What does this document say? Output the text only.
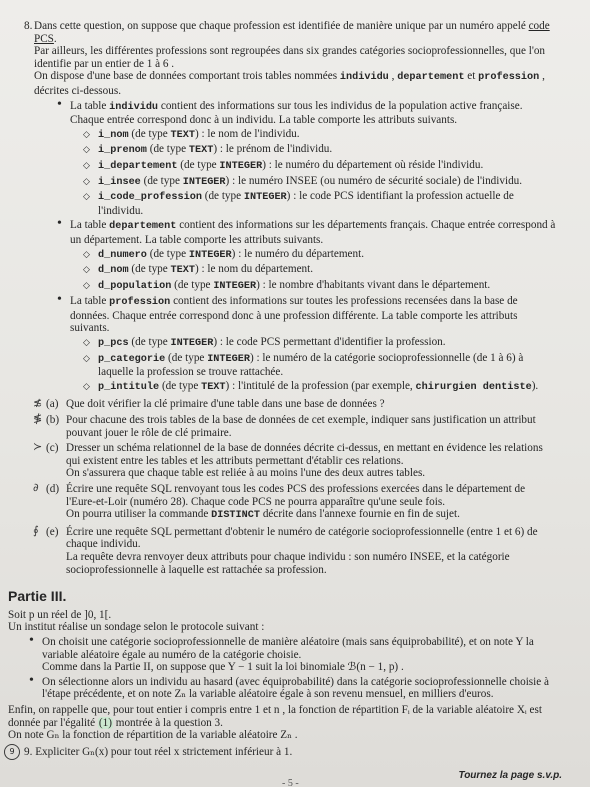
8. Dans cette question, on suppose que chaque profession est identifiée de manière unique par un numéro appelé code PCS.

Par ailleurs, les différentes professions sont regroupées dans six grandes catégories socioprofessionnelles, que l'on identifie par un entier de 1 à 6 .

On dispose d'une base de données comportant trois tables nommées individu , departement et profession , décrites ci-dessous.

• La table individu contient des informations sur tous les individus de la population active française. Chaque entrée correspond donc à un individu. La table comporte les attributs suivants.

◇ i_nom (de type TEXT) : le nom de l'individu.
◇ i_prenom (de type TEXT) : le prénom de l'individu.
◇ i_departement (de type INTEGER) : le numéro du département où réside l'individu.
◇ i_insee (de type INTEGER) : le numéro INSEE (ou numéro de sécurité sociale) de l'individu.
◇ i_code_profession (de type INTEGER) : le code PCS identifiant la profession actuelle de l'individu.

• La table departement contient des informations sur les départements français. Chaque entrée correspond à un département. La table comporte les attributs suivants.

◇ d_numero (de type INTEGER) : le numéro du département.
◇ d_nom (de type TEXT) : le nom du département.
◇ d_population (de type INTEGER) : le nombre d'habitants vivant dans le département.

• La table profession contient des informations sur toutes les professions recensées dans la base de données. Chaque entrée correspond donc à une profession différente. La table comporte les attributs suivants.

◇ p_pcs (de type INTEGER) : le code PCS permettant d'identifier la profession.
◇ p_categorie (de type INTEGER) : le numéro de la catégorie socioprofessionnelle (de 1 à 6) à laquelle la profession se trouve rattachée.
◇ p_intitule (de type TEXT) : l'intitulé de la profession (par exemple, chirurgien dentiste).
≴ (a) Que doit vérifier la clé primaire d'une table dans une base de données ?

≸ (b) Pour chacune des trois tables de la base de données de cet exemple, indiquer sans justification un attribut pouvant jouer le rôle de clé primaire.

≻ (c) Dresser un schéma relationnel de la base de données décrite ci-dessus, en mettant en évidence les relations qui existent entre les tables et les attributs permettant d'établir ces relations.

On s'assurera que chaque table est reliée à au moins l'une des deux autres tables.

∂ (d) Écrire une requête SQL renvoyant tous les codes PCS des professions exercées dans le département de l'Eure-et-Loir (numéro 28). Chaque code PCS ne pourra apparaître qu'une seule fois.

On pourra utiliser la commande DISTINCT décrite dans l'annexe fournie en fin de sujet.

∮ (e) Écrire une requête SQL permettant d'obtenir le numéro de catégorie socioprofessionnelle (entre 1 et 6) de chaque individu.

La requête devra renvoyer deux attributs pour chaque individu : son numéro INSEE, et la catégorie socioprofessionnelle à laquelle est rattachée sa profession.

Partie III.

Soit p un réel de ]0, 1[.

Un institut réalise un sondage selon le protocole suivant :

• On choisit une catégorie socioprofessionnelle de manière aléatoire (mais sans équiprobabilité), et on note Y la variable aléatoire égale au numéro de la catégorie choisie.

Comme dans la Partie II, on suppose que Y − 1 suit la loi binomiale ℬ(n − 1, p) .

• On sélectionne alors un individu au hasard (avec équiprobabilité) dans la catégorie socioprofessionnelle choisie à l'étape précédente, et on note Zₙ la variable aléatoire égale à son revenu mensuel, en milliers d'euros.

Enfin, on rappelle que, pour tout entier i compris entre 1 et n , la fonction de répartition Fᵢ de la variable aléatoire Xᵢ est donnée par l'égalité (1) montrée à la question 3.

On note Gₙ la fonction de répartition de la variable aléatoire Zₙ .

9 9. Expliciter Gₙ(x) pour tout réel x strictement inférieur à 1.
Tournez la page s.v.p.
- 5 -
